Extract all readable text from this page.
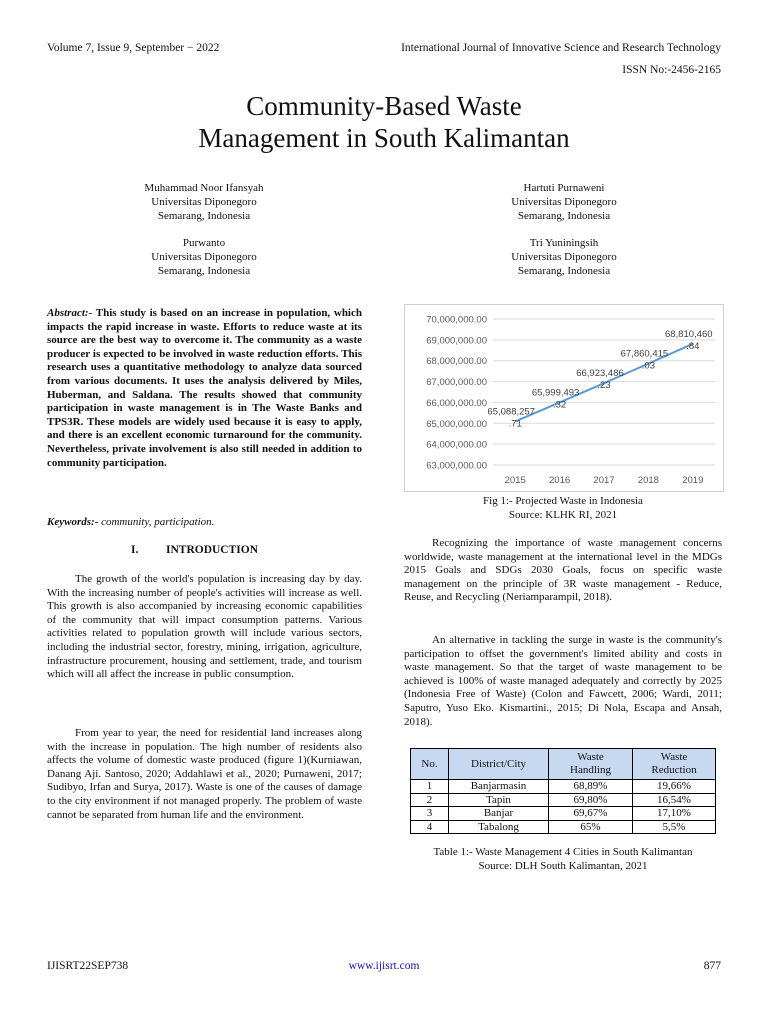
Volume 7, Issue 9, September − 2022	International Journal of Innovative Science and Research Technology
ISSN No:-2456-2165
Community-Based Waste
Management in South Kalimantan
Muhammad Noor Ifansyah
Universitas Diponegoro
Semarang, Indonesia
Hartuti Purnaweni
Universitas Diponegoro
Semarang, Indonesia
Purwanto
Universitas Diponegoro
Semarang, Indonesia
Tri Yuniningsih
Universitas Diponegoro
Semarang, Indonesia
Abstract:- This study is based on an increase in population, which impacts the rapid increase in waste. Efforts to reduce waste at its source are the best way to overcome it. The community as a waste producer is expected to be involved in waste reduction efforts. This research uses a quantitative methodology to analyze data sourced from various documents. It uses the analysis delivered by Miles, Huberman, and Saldana. The results showed that community participation in waste management is in The Waste Banks and TPS3R. These models are widely used because it is easy to apply, and there is an excellent economic turnaround for the community. Nevertheless, private involvement is also still needed in addition to community participation.
Keywords:- community, participation.
I. INTRODUCTION
The growth of the world's population is increasing day by day. With the increasing number of people's activities will increase as well. This growth is also accompanied by increasing economic capabilities of the community that will impact consumption patterns. Various activities related to population growth will include various sectors, including the industrial sector, forestry, mining, irrigation, agriculture, infrastructure procurement, housing and settlement, trade, and tourism which will all affect the increase in public consumption.
From year to year, the need for residential land increases along with the increase in population. The high number of residents also affects the volume of domestic waste produced (figure 1)(Kurniawan, Danang Aji. Santoso, 2020; Addahlawi et al., 2020; Purnaweni, 2017; Sudibyo, Irfan and Surya, 2017). Waste is one of the causes of damage to the city environment if not managed properly. The problem of waste cannot be separated from human life and the environment.
63,000,000.00
64,000,000.00
65,000,000.00
66,000,000.00
67,000,000.00
68,000,000.00
69,000,000.00
70,000,000.00
2015 2016 2017 2018 2019
65,088,257
.71
65,999,493
.32
66,923,486
.23
67,860,415
.03
68,810,460
.84
Fig 1:- Projected Waste in Indonesia
Source: KLHK RI, 2021
Recognizing the importance of waste management concerns worldwide, waste management at the international level in the MDGs 2015 Goals and SDGs 2030 Goals, focus on specific waste management on the principle of 3R waste management - Reduce, Reuse, and Recycling (Neriamparampil, 2018).
An alternative in tackling the surge in waste is the community's participation to offset the government's limited ability and costs in waste management. So that the target of waste management to be achieved is 100% of waste managed adequately and correctly by 2025 (Indonesia Free of Waste) (Colon and Fawcett, 2006; Wardi, 2011; Saputro, Yuso Eko. Kismartini., 2015; Di Nola, Escapa and Ansah, 2018).
No.	District/City	Waste Handling	Waste Reduction
1	Banjarmasin	68,89%	19,66%
2	Tapin	69,80%	16,54%
3	Banjar	69,67%	17,10%
4	Tabalong	65%	5,5%
Table 1:- Waste Management 4 Cities in South Kalimantan
Source: DLH South Kalimantan, 2021
IJISRT22SEP738	www.ijisrt.com	877
